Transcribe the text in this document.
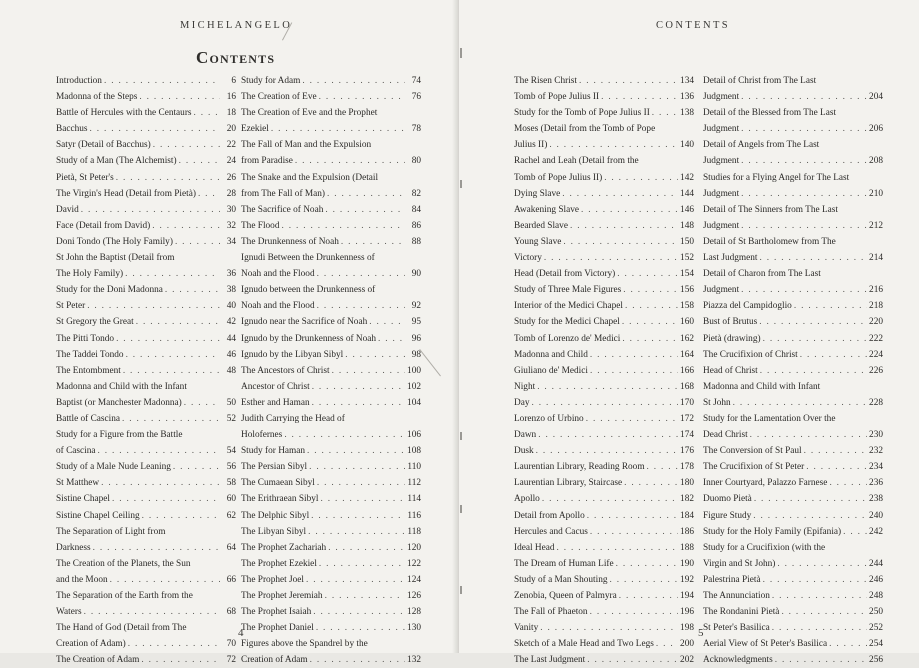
MICHELANGELO
Contents
Introduction . . .	6
Madonna of the Steps . . .	16
Battle of Hercules with the Centaurs . . .	18
Bacchus . . .	20
Satyr (Detail of Bacchus) . . .	22
Study of a Man (The Alchemist) . . .	24
Pietà, St Peter's . . .	26
The Virgin's Head (Detail from Pietà) . . .	28
David . . .	30
Face (Detail from David) . . .	32
Doni Tondo (The Holy Family) . . .	34
St John the Baptist (Detail from
The Holy Family) . . .	36
Study for the Doni Madonna . . .	38
St Peter . . .	40
St Gregory the Great . . .	42
The Pitti Tondo . . .	44
The Taddei Tondo . . .	46
The Entombment . . .	48
Madonna and Child with the Infant
Baptist (or Manchester Madonna) . . .	50
Battle of Cascina . . .	52
Study for a Figure from the Battle
of Cascina . . .	54
Study of a Male Nude Leaning . . .	56
St Matthew . . .	58
Sistine Chapel . . .	60
Sistine Chapel Ceiling . . .	62
The Separation of Light from
Darkness . . .	64
The Creation of the Planets, the Sun
and the Moon . . .	66
The Separation of the Earth from the
Waters . . .	68
The Hand of God (Detail from The
Creation of Adam) . . .	70
The Creation of Adam . . .	72
Study for Adam . . .	74
The Creation of Eve . . .	76
The Creation of Eve and the Prophet
Ezekiel . . .	78
The Fall of Man and the Expulsion
from Paradise . . .	80
The Snake and the Expulsion (Detail
from The Fall of Man) . . .	82
The Sacrifice of Noah . . .	84
The Flood . . .	86
The Drunkenness of Noah . . .	88
Ignudi Between the Drunkenness of
Noah and the Flood . . .	90
Ignudo between the Drunkenness of
Noah and the Flood . . .	92
Ignudo near the Sacrifice of Noah . . .	95
Ignudo by the Drunkenness of Noah . . .	96
Ignudo by the Libyan Sibyl . . .	98
The Ancestors of Christ . . .	100
Ancestor of Christ . . .	102
Esther and Haman . . .	104
Judith Carrying the Head of
Holofernes . . .	106
Study for Haman . . .	108
The Persian Sibyl . . .	110
The Cumaean Sibyl . . .	112
The Erithraean Sibyl . . .	114
The Delphic Sibyl . . .	116
The Libyan Sibyl . . .	118
The Prophet Zachariah . . .	120
The Prophet Ezekiel . . .	122
The Prophet Joel . . .	124
The Prophet Jeremiah . . .	126
The Prophet Isaiah . . .	128
The Prophet Daniel . . .	130
Figures above the Spandrel by the
Creation of Adam . . .	132
4
CONTENTS
The Risen Christ . . .	134
Tomb of Pope Julius II . . .	136
Study for the Tomb of Pope Julius II . . .	138
Moses (Detail from the Tomb of Pope
Julius II) . . .	140
Rachel and Leah (Detail from the
Tomb of Pope Julius II) . . .	142
Dying Slave . . .	144
Awakening Slave . . .	146
Bearded Slave . . .	148
Young Slave . . .	150
Victory . . .	152
Head (Detail from Victory) . . .	154
Study of Three Male Figures . . .	156
Interior of the Medici Chapel . . .	158
Study for the Medici Chapel . . .	160
Tomb of Lorenzo de' Medici . . .	162
Madonna and Child . . .	164
Giuliano de' Medici . . .	166
Night . . .	168
Day . . .	170
Lorenzo of Urbino . . .	172
Dawn . . .	174
Dusk . . .	176
Laurentian Library, Reading Room . . .	178
Laurentian Library, Staircase . . .	180
Apollo . . .	182
Detail from Apollo . . .	184
Hercules and Cacus . . .	186
Ideal Head . . .	188
The Dream of Human Life . . .	190
Study of a Man Shouting . . .	192
Zenobia, Queen of Palmyra . . .	194
The Fall of Phaeton . . .	196
Vanity . . .	198
Sketch of a Male Head and Two Legs . . .	200
The Last Judgment . . .	202
Detail of Christ from The Last
Judgment . . .	204
Detail of the Blessed from The Last
Judgment . . .	206
Detail of Angels from The Last
Judgment . . .	208
Studies for a Flying Angel for The Last
Judgment . . .	210
Detail of The Sinners from The Last
Judgment . . .	212
Detail of St Bartholomew from The
Last Judgment . . .	214
Detail of Charon from The Last
Judgment . . .	216
Piazza del Campidoglio . . .	218
Bust of Brutus . . .	220
Pietà (drawing) . . .	222
The Crucifixion of Christ . . .	224
Head of Christ . . .	226
Madonna and Child with Infant
St John . . .	228
Study for the Lamentation Over the
Dead Christ . . .	230
The Conversion of St Paul . . .	232
The Crucifixion of St Peter . . .	234
Inner Courtyard, Palazzo Farnese . . .	236
Duomo Pietà . . .	238
Figure Study . . .	240
Study for the Holy Family (Epifania) . . .	242
Study for a Crucifixion (with the
Virgin and St John) . . .	244
Palestrina Pietà . . .	246
The Annunciation . . .	248
The Rondanini Pietà . . .	250
St Peter's Basilica . . .	252
Aerial View of St Peter's Basilica . . .	254
Acknowledgments . . .	256
5
